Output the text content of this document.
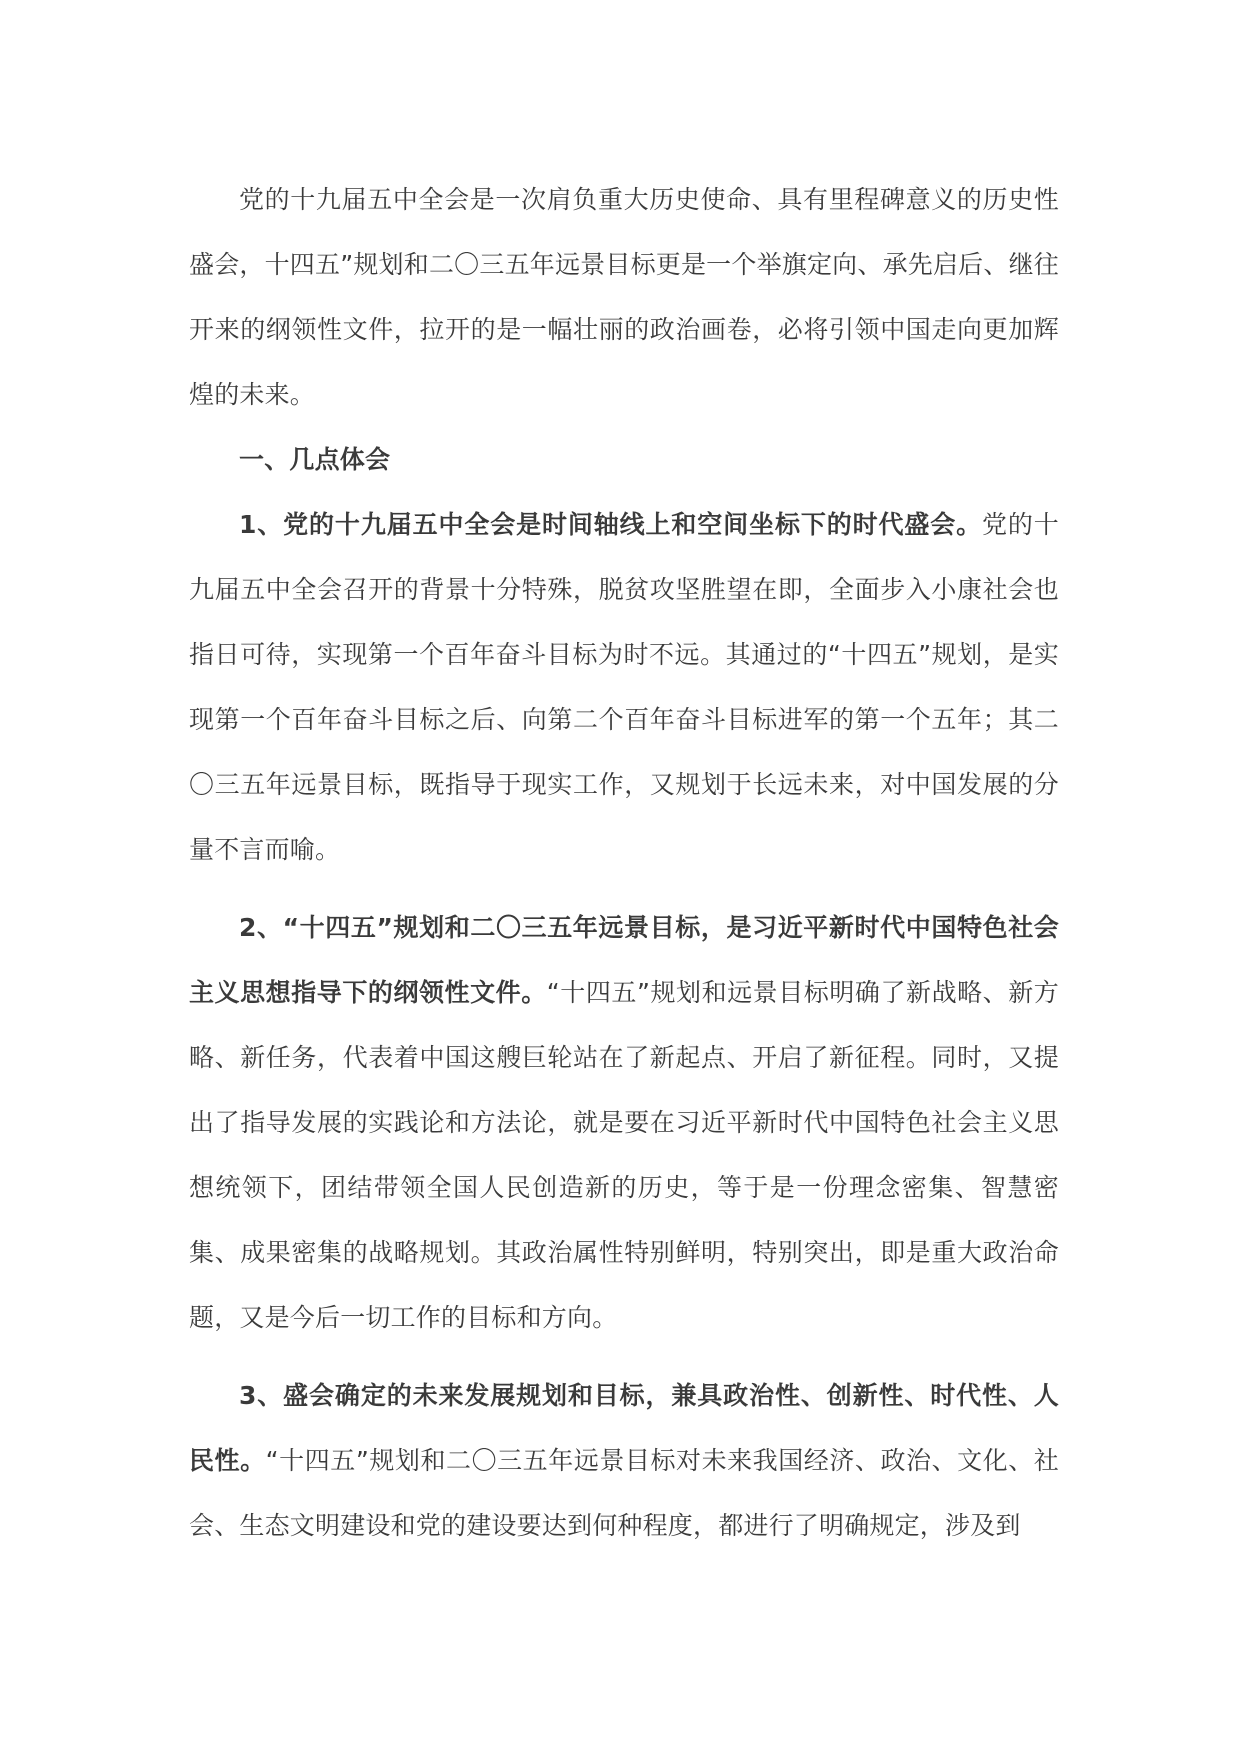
党的十九届五中全会是一次肩负重大历史使命、具有里程碑意义的历史性盛会，十四五”规划和二〇三五年远景目标更是一个举旗定向、承先启后、继往开来的纲领性文件，拉开的是一幅壮丽的政治画卷，必将引领中国走向更加辉煌的未来。

一、几点体会

1、党的十九届五中全会是时间轴线上和空间坐标下的时代盛会。党的十九届五中全会召开的背景十分特殊，脱贫攻坚胜望在即，全面步入小康社会也指日可待，实现第一个百年奋斗目标为时不远。其通过的“十四五”规划，是实现第一个百年奋斗目标之后、向第二个百年奋斗目标进军的第一个五年；其二〇三五年远景目标，既指导于现实工作，又规划于长远未来，对中国发展的分量不言而喻。

2、“十四五”规划和二〇三五年远景目标，是习近平新时代中国特色社会主义思想指导下的纲领性文件。“十四五”规划和远景目标明确了新战略、新方略、新任务，代表着中国这艘巨轮站在了新起点、开启了新征程。同时，又提出了指导发展的实践论和方法论，就是要在习近平新时代中国特色社会主义思想统领下，团结带领全国人民创造新的历史，等于是一份理念密集、智慧密集、成果密集的战略规划。其政治属性特别鲜明，特别突出，即是重大政治命题，又是今后一切工作的目标和方向。

3、盛会确定的未来发展规划和目标，兼具政治性、创新性、时代性、人民性。“十四五”规划和二〇三五年远景目标对未来我国经济、政治、文化、社会、生态文明建设和党的建设要达到何种程度，都进行了明确规定，涉及到
